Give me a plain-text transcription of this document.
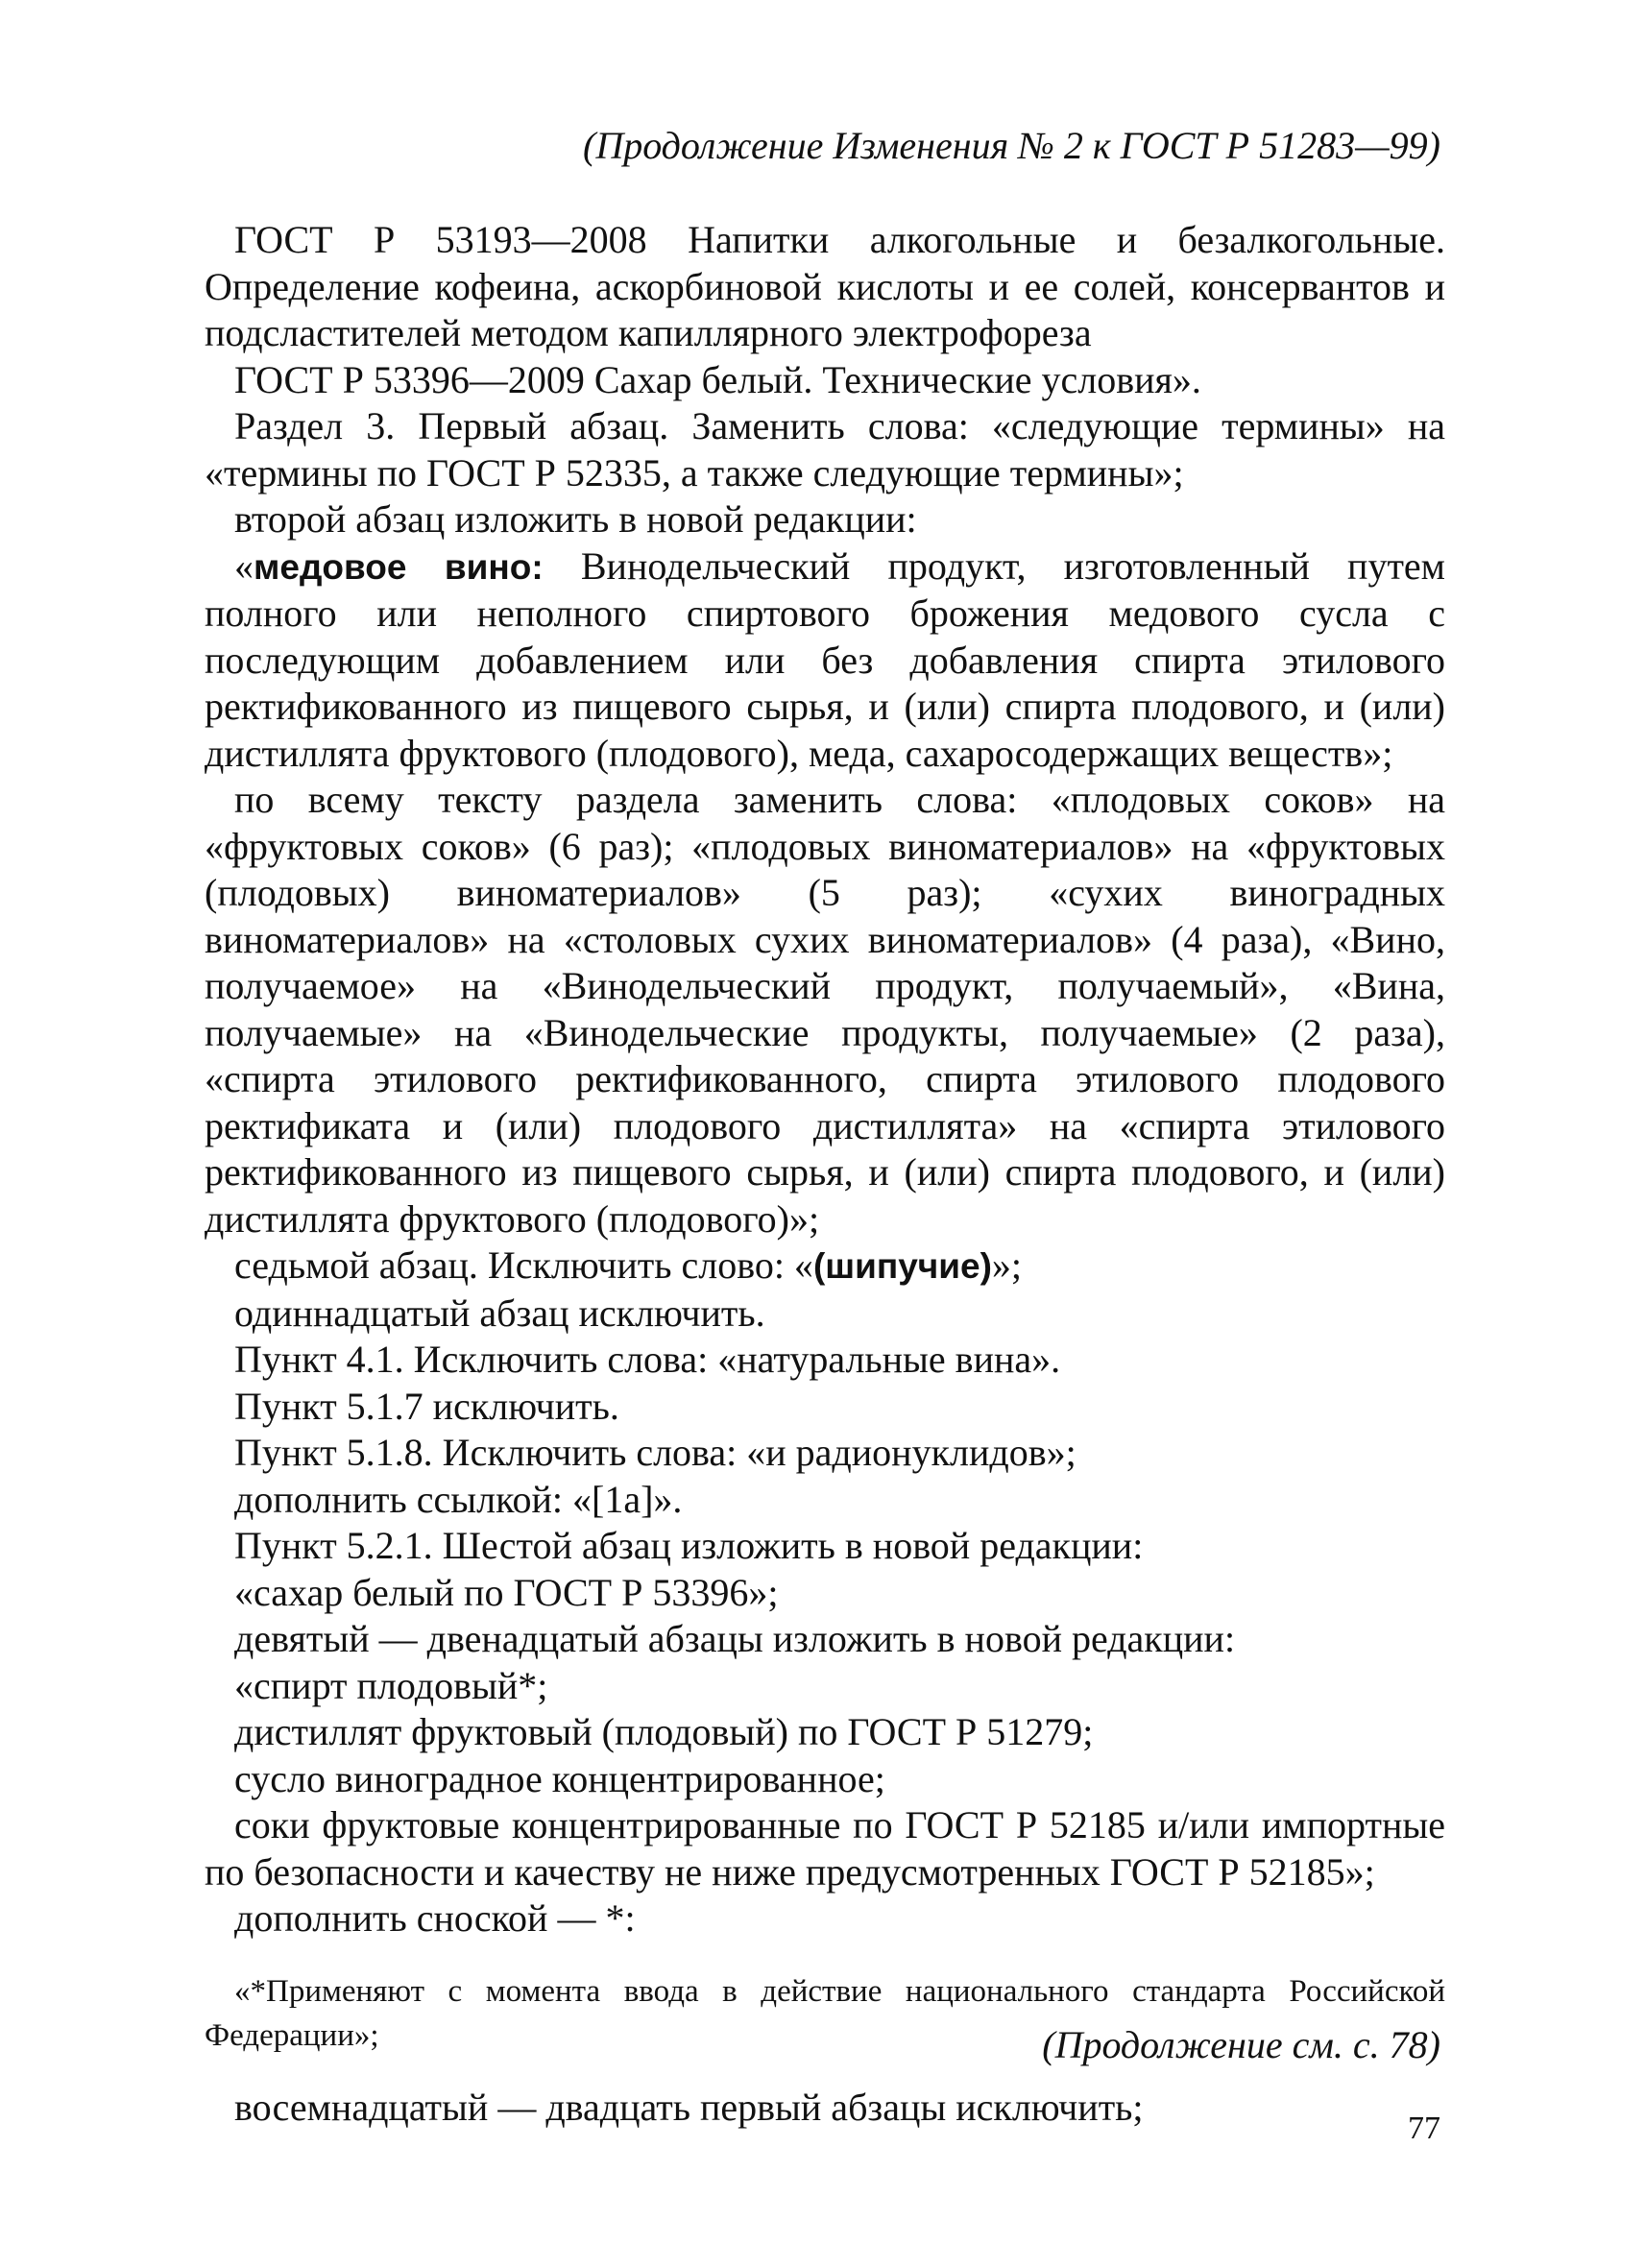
(Продолжение Изменения № 2 к ГОСТ Р 51283—99)

ГОСТ Р 53193—2008 Напитки алкогольные и безалкогольные. Определение кофеина, аскорбиновой кислоты и ее солей, консервантов и подсластителей методом капиллярного электрофореза

ГОСТ Р 53396—2009 Сахар белый. Технические условия».

Раздел 3. Первый абзац. Заменить слова: «следующие термины» на «термины по ГОСТ Р 52335, а также следующие термины»;

второй абзац изложить в новой редакции:

«медовое вино: Винодельческий продукт, изготовленный путем полного или неполного спиртового брожения медового сусла с последующим добавлением или без добавления спирта этилового ректификованного из пищевого сырья, и (или) спирта плодового, и (или) дистиллята фруктового (плодового), меда, сахаросодержащих веществ»;

по всему тексту раздела заменить слова: «плодовых соков» на «фруктовых соков» (6 раз); «плодовых виноматериалов» на «фруктовых (плодовых) виноматериалов» (5 раз); «сухих виноградных виноматериалов» на «столовых сухих виноматериалов» (4 раза), «Вино, получаемое» на «Винодельческий продукт, получаемый», «Вина, получаемые» на «Винодельческие продукты, получаемые» (2 раза), «спирта этилового ректификованного, спирта этилового плодового ректификата и (или) плодового дистиллята» на «спирта этилового ректификованного из пищевого сырья, и (или) спирта плодового, и (или) дистиллята фруктового (плодового)»;

седьмой абзац. Исключить слово: «(шипучие)»;

одиннадцатый абзац исключить.

Пункт 4.1. Исключить слова: «натуральные вина».

Пункт 5.1.7 исключить.

Пункт 5.1.8. Исключить слова: «и радионуклидов»;

дополнить ссылкой: «[1а]».

Пункт 5.2.1. Шестой абзац изложить в новой редакции:

«сахар белый по ГОСТ Р 53396»;

девятый — двенадцатый абзацы изложить в новой редакции:

«спирт плодовый*;

дистиллят фруктовый (плодовый) по ГОСТ Р 51279;

сусло виноградное концентрированное;

соки фруктовые концентрированные по ГОСТ Р 52185 и/или импортные по безопасности и качеству не ниже предусмотренных ГОСТ Р 52185»;

дополнить сноской — *:

«*Применяют с момента ввода в действие национального стандарта Российской Федерации»;

восемнадцатый — двадцать первый абзацы исключить;

(Продолжение см. с. 78)
77
